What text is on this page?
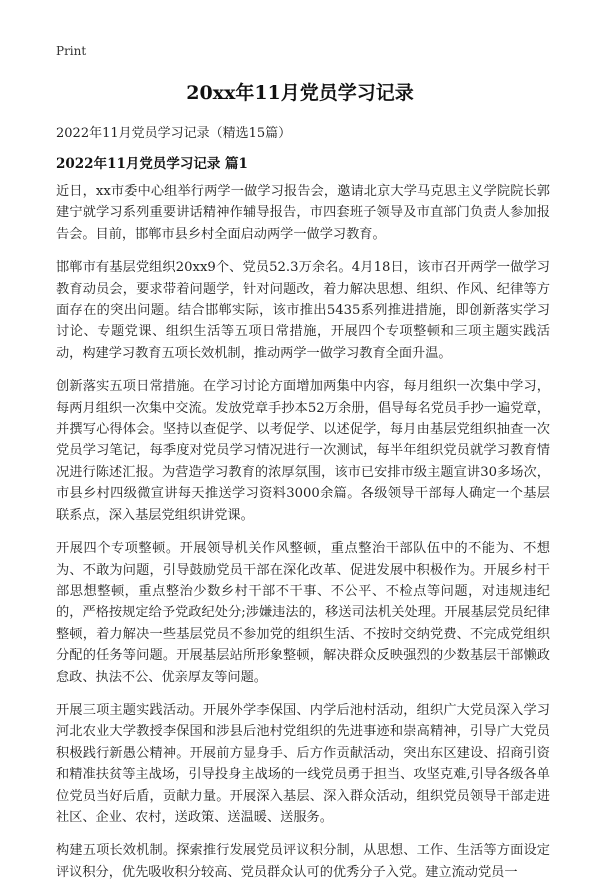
Print
20xx年11月党员学习记录
2022年11月党员学习记录（精选15篇）
2022年11月党员学习记录 篇1

近日，xx市委中心组举行两学一做学习报告会，邀请北京大学马克思主义学院院长郭建宁就学习系列重要讲话精神作辅导报告，市四套班子领导及市直部门负责人参加报告会。目前，邯郸市县乡村全面启动两学一做学习教育。

邯郸市有基层党组织20xx9个、党员52.3万余名。4月18日，该市召开两学一做学习教育动员会，要求带着问题学，针对问题改，着力解决思想、组织、作风、纪律等方面存在的突出问题。结合邯郸实际，该市推出5435系列推进措施，即创新落实学习讨论、专题党课、组织生活等五项日常措施，开展四个专项整顿和三项主题实践活动，构建学习教育五项长效机制，推动两学一做学习教育全面升温。

创新落实五项日常措施。在学习讨论方面增加两集中内容，每月组织一次集中学习，每两月组织一次集中交流。发放党章手抄本52万余册，倡导每名党员手抄一遍党章，并撰写心得体会。坚持以查促学、以考促学、以述促学，每月由基层党组织抽查一次党员学习笔记，每季度对党员学习情况进行一次测试，每半年组织党员就学习教育情况进行陈述汇报。为营造学习教育的浓厚氛围，该市已安排市级主题宣讲30多场次，市县乡村四级微宣讲每天推送学习资料3000余篇。各级领导干部每人确定一个基层联系点，深入基层党组织讲党课。

开展四个专项整顿。开展领导机关作风整顿，重点整治干部队伍中的不能为、不想为、不敢为问题，引导鼓励党员干部在深化改革、促进发展中积极作为。开展乡村干部思想整顿，重点整治少数乡村干部不干事、不公平、不检点等问题，对违规违纪的，严格按规定给予党政纪处分;涉嫌违法的，移送司法机关处理。开展基层党员纪律整顿，着力解决一些基层党员不参加党的组织生活、不按时交纳党费、不完成党组织分配的任务等问题。开展基层站所形象整顿，解决群众反映强烈的少数基层干部懒政怠政、执法不公、优亲厚友等问题。

开展三项主题实践活动。开展外学李保国、内学后池村活动，组织广大党员深入学习河北农业大学教授李保国和涉县后池村党组织的先进事迹和崇高精神，引导广大党员积极践行新愚公精神。开展前方显身手、后方作贡献活动，突出东区建设、招商引资和精准扶贫等主战场，引导投身主战场的一线党员勇于担当、攻坚克难,引导各级各单位党员当好后盾，贡献力量。开展深入基层、深入群众活动，组织党员领导干部走进社区、企业、农村，送政策、送温暖、送服务。

构建五项长效机制。探索推行发展党员评议积分制，从思想、工作、生活等方面设定评议积分，优先吸收积分较高、党员群众认可的优秀分子入党。建立流动党员一
